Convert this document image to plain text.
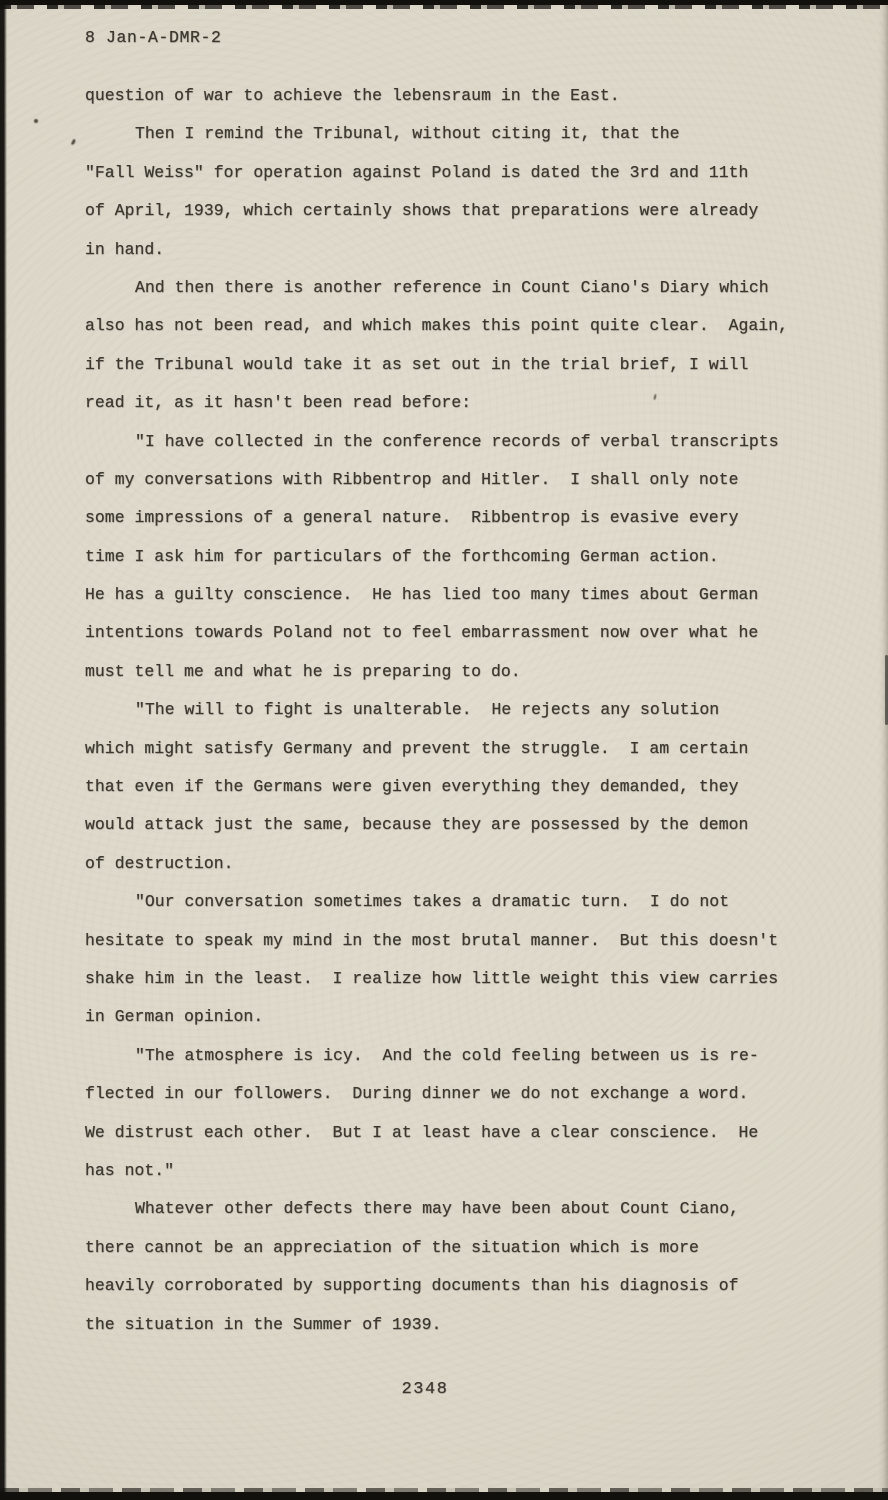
8 Jan-A-DMR-2

question of war to achieve the lebensraum in the East.

Then I remind the Tribunal, without citing it, that the

"Fall Weiss" for operation against Poland is dated the 3rd and 11th

of April, 1939, which certainly shows that preparations were already

in hand.

And then there is another reference in Count Ciano's Diary which

also has not been read, and which makes this point quite clear.  Again,

if the Tribunal would take it as set out in the trial brief, I will

read it, as it hasn't been read before:

"I have collected in the conference records of verbal transcripts

of my conversations with Ribbentrop and Hitler.  I shall only note

some impressions of a general nature.  Ribbentrop is evasive every

time I ask him for particulars of the forthcoming German action.

He has a guilty conscience.  He has lied too many times about German

intentions towards Poland not to feel embarrassment now over what he

must tell me and what he is preparing to do.

"The will to fight is unalterable.  He rejects any solution

which might satisfy Germany and prevent the struggle.  I am certain

that even if the Germans were given everything they demanded, they

would attack just the same, because they are possessed by the demon

of destruction.

"Our conversation sometimes takes a dramatic turn.  I do not

hesitate to speak my mind in the most brutal manner.  But this doesn't

shake him in the least.  I realize how little weight this view carries

in German opinion.

"The atmosphere is icy.  And the cold feeling between us is re-

flected in our followers.  During dinner we do not exchange a word.

We distrust each other.  But I at least have a clear conscience.  He

has not."

Whatever other defects there may have been about Count Ciano,

there cannot be an appreciation of the situation which is more

heavily corroborated by supporting documents than his diagnosis of

the situation in the Summer of 1939.

2348
